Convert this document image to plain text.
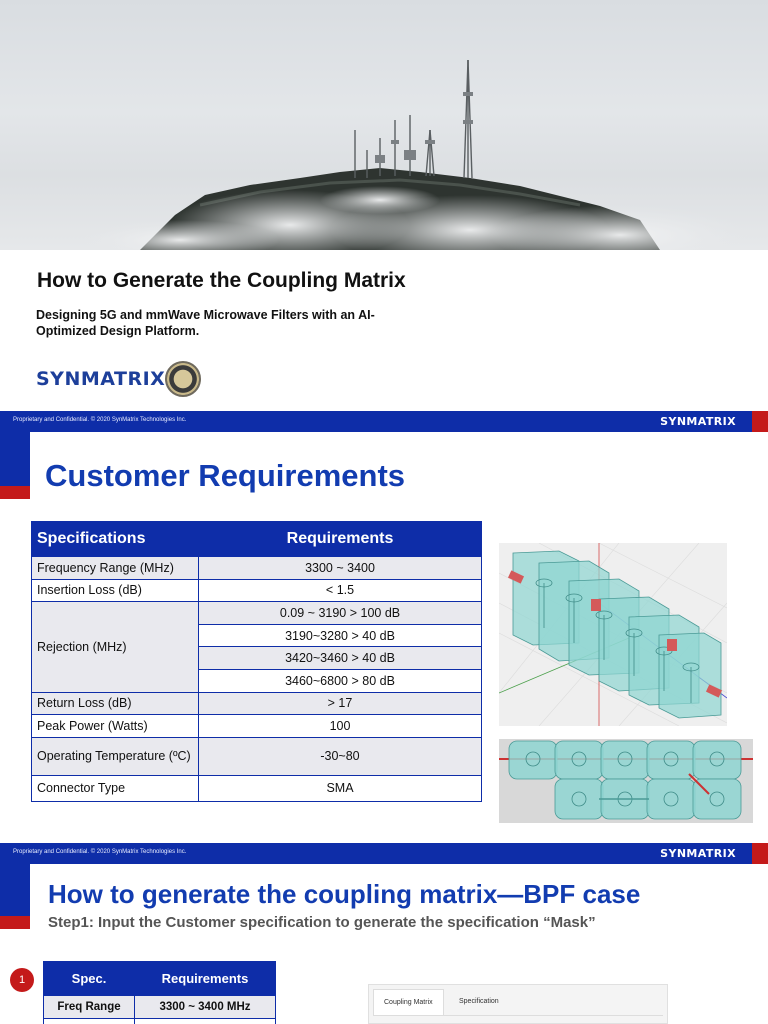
How to Generate the Coupling Matrix
Designing 5G and mmWave Microwave Filters with an AI-Optimized Design Platform.
SYNMATRIX
Proprietary and Confidential. © 2020 SynMatrix Technologies Inc.	SYNMATRIX
Customer Requirements
Specifications	Requirements
Frequency Range (MHz)	3300 ~ 3400
Insertion Loss (dB)	< 1.5
Rejection (MHz)	0.09 ~ 3190 > 100 dB
	3190~3280 > 40 dB
	3420~3460 > 40 dB
	3460~6800 > 80 dB
Return Loss (dB)	> 17
Peak Power (Watts)	100
Operating Temperature (ºC)	-30~80
Connector Type	SMA
Proprietary and Confidential. © 2020 SynMatrix Technologies Inc.	SYNMATRIX
How to generate the coupling matrix—BPF case
Step1: Input the Customer specification to generate the specification “Mask”
1	Spec.	Requirements
Freq Range	3300 ~ 3400 MHz
		Coupling Matrix	Specification
